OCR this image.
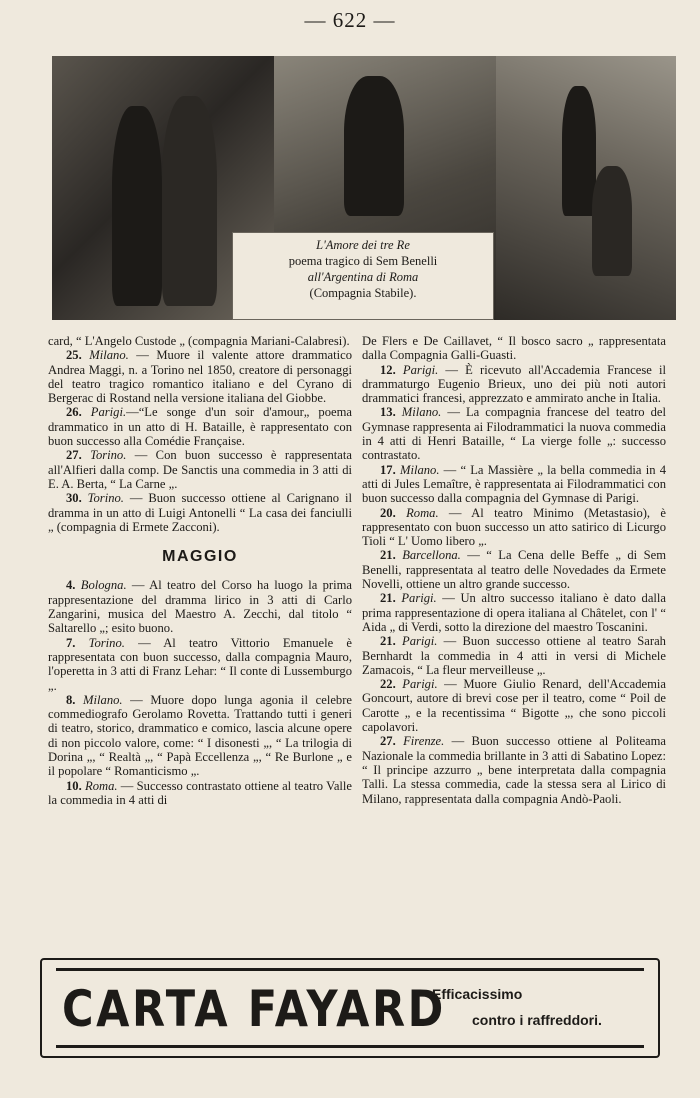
— 622 —
L'Amore dei tre Re
poema tragico di Sem Benelli
all'Argentina di Roma
(Compagnia Stabile).

card, “ L'Angelo Custode „ (compagnia Mariani-Calabresi).

25. Milano. — Muore il valente attore drammatico Andrea Maggi, n. a Torino nel 1850, creatore di personaggi del teatro tragico romantico italiano e del Cyrano di Bergerac di Rostand nella versione italiana del Giobbe.

26. Parigi.—“Le songe d'un soir d'amour„ poema drammatico in un atto di H. Bataille, è rappresentato con buon successo alla Comédie Française.

27. Torino. — Con buon successo è rappresentata all'Alfieri dalla comp. De Sanctis una commedia in 3 atti di E. A. Berta, “ La Carne „.

30. Torino. — Buon successo ottiene al Carignano il dramma in un atto di Luigi Antonelli “ La casa dei fanciulli „ (compagnia di Ermete Zacconi).

MAGGIO

4. Bologna. — Al teatro del Corso ha luogo la prima rappresentazione del dramma lirico in 3 atti di Carlo Zangarini, musica del Maestro A. Zecchi, dal titolo “ Saltarello „; esito buono.

7. Torino. — Al teatro Vittorio Emanuele è rappresentata con buon successo, dalla compagnia Mauro, l'operetta in 3 atti di Franz Lehar: “ Il conte di Lussemburgo „.

8. Milano. — Muore dopo lunga agonia il celebre commediografo Gerolamo Rovetta. Trattando tutti i generi di teatro, storico, drammatico e comico, lascia alcune opere di non piccolo valore, come: “ I disonesti „, “ La trilogia di Dorina „, “ Realtà „, “ Papà Eccellenza „, “ Re Burlone „ e il popolare “ Romanticismo „.

10. Roma. — Successo contrastato ottiene al teatro Valle la commedia in 4 atti di

De Flers e De Caillavet, “ Il bosco sacro „ rappresentata dalla Compagnia Galli-Guasti.

12. Parigi. — È ricevuto all'Accademia Francese il drammaturgo Eugenio Brieux, uno dei più noti autori drammatici francesi, apprezzato e ammirato anche in Italia.

13. Milano. — La compagnia francese del teatro del Gymnase rappresenta ai Filodrammatici la nuova commedia in 4 atti di Henri Bataille, “ La vierge folle „: successo contrastato.

17. Milano. — “ La Massière „ la bella commedia in 4 atti di Jules Lemaître, è rappresentata ai Filodrammatici con buon successo dalla compagnia del Gymnase di Parigi.

20. Roma. — Al teatro Minimo (Metastasio), è rappresentato con buon successo un atto satirico di Licurgo Tioli “ L' Uomo libero „.

21. Barcellona. — “ La Cena delle Beffe „ di Sem Benelli, rappresentata al teatro delle Novedades da Ermete Novelli, ottiene un altro grande successo.

21. Parigi. — Un altro successo italiano è dato dalla prima rappresentazione di opera italiana al Châtelet, con l' “ Aida „ di Verdi, sotto la direzione del maestro Toscanini.

21. Parigi. — Buon successo ottiene al teatro Sarah Bernhardt la commedia in 4 atti in versi di Michele Zamacois, “ La fleur merveilleuse „.

22. Parigi. — Muore Giulio Renard, dell'Accademia Goncourt, autore di brevi cose per il teatro, come “ Poil de Carotte „ e la recentissima “ Bigotte „, che sono piccoli capolavori.

27. Firenze. — Buon successo ottiene al Politeama Nazionale la commedia brillante in 3 atti di Sabatino Lopez: “ Il principe azzurro „ bene interpretata dalla compagnia Talli. La stessa commedia, cade la stessa sera al Lirico di Milano, rappresentata dalla compagnia Andò-Paoli.

CARTA FAYARD
Efficacissimo
contro i raffreddori.
